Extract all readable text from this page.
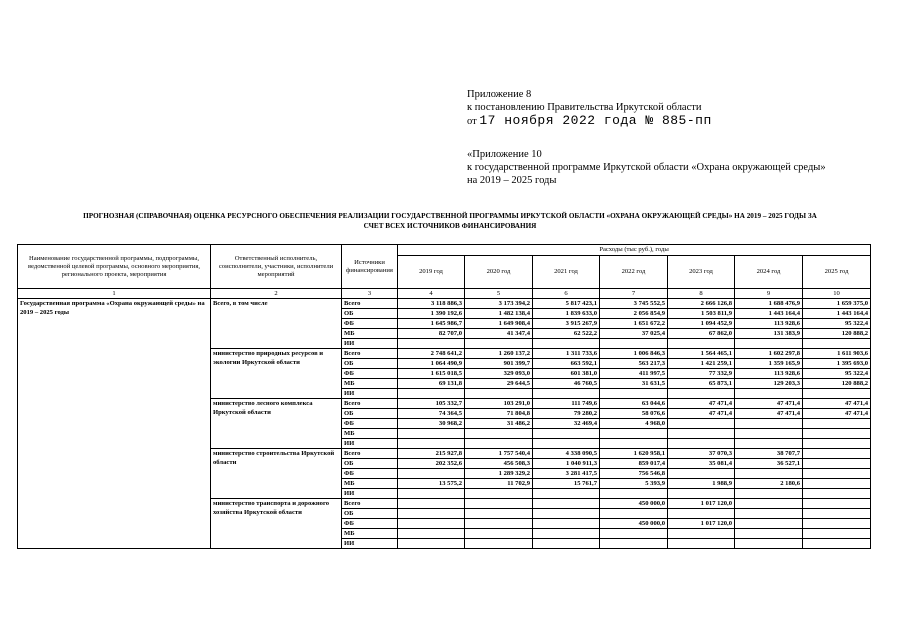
Приложение 8
к постановлению Правительства Иркутской области
от 17 ноября 2022 года № 885-пп
«Приложение 10
к государственной программе Иркутской области «Охрана окружающей среды»
на 2019 – 2025 годы
ПРОГНОЗНАЯ (СПРАВОЧНАЯ) ОЦЕНКА РЕСУРСНОГО ОБЕСПЕЧЕНИЯ РЕАЛИЗАЦИИ ГОСУДАРСТВЕННОЙ ПРОГРАММЫ ИРКУТСКОЙ ОБЛАСТИ «ОХРАНА ОКРУЖАЮЩЕЙ СРЕДЫ» НА 2019 – 2025 ГОДЫ ЗА
СЧЕТ ВСЕХ ИСТОЧНИКОВ ФИНАНСИРОВАНИЯ
Наименование государственной программы, подпрограммы, ведомственной целевой программы, основного мероприятия, регионального проекта, мероприятия	Ответственный исполнитель, соисполнители, участники, исполнители мероприятий	Источники финансирования	Расходы (тыс руб.), годы						
			2019 год	2020 год	2021 год	2022 год	2023 год	2024 год	2025 год
1	2	3	4	5	6	7	8	9	10
Государственная программа «Охрана окружающей среды» на 2019 – 2025 годы	Всего, в том числе	Всего	3 118 886,3	3 173 394,2	5 817 423,1	3 745 552,5	2 666 126,8	1 688 476,9	1 659 375,0
		ОБ	1 390 192,6	1 482 138,4	1 839 633,0	2 056 854,9	1 503 811,9	1 443 164,4	1 443 164,4
		ФБ	1 645 986,7	1 649 908,4	3 915 267,9	1 651 672,2	1 094 452,9	113 928,6	95 322,4
		МБ	82 707,0	41 347,4	62 522,2	37 025,4	67 862,0	131 383,9	120 888,2
		ИИ							
	министерство природных ресурсов и экологии Иркутской области	Всего	2 748 641,2	1 260 137,2	1 311 733,6	1 006 846,3	1 564 465,1	1 602 297,8	1 611 903,6
		ОБ	1 064 490,9	901 399,7	663 592,1	563 217,3	1 421 259,1	1 359 165,9	1 395 693,0
		ФБ	1 615 018,5	329 093,0	601 381,0	411 997,5	77 332,9	113 928,6	95 322,4
		МБ	69 131,8	29 644,5	46 760,5	31 631,5	65 873,1	129 203,3	120 888,2
		ИИ							
	министерство лесного комплекса Иркутской области	Всего	105 332,7	103 291,0	111 749,6	63 044,6	47 471,4	47 471,4	47 471,4
		ОБ	74 364,5	71 804,8	79 280,2	58 076,6	47 471,4	47 471,4	47 471,4
		ФБ	30 968,2	31 486,2	32 469,4	4 968,0			
		МБ							
		ИИ							
	министерство строительства Иркутской области	Всего	215 927,8	1 757 540,4	4 338 090,5	1 620 958,1	37 070,3	38 707,7	
		ОБ	202 352,6	456 508,3	1 040 911,3	859 017,4	35 081,4	36 527,1	
		ФБ		1 289 329,2	3 281 417,5	756 546,8			
		МБ	13 575,2	11 702,9	15 761,7	5 393,9	1 988,9	2 180,6	
		ИИ							
	министерство транспорта и дорожного хозяйства Иркутской области	Всего				450 000,0	1 017 120,0		
		ОБ							
		ФБ				450 000,0	1 017 120,0		
		МБ							
		ИИ							
